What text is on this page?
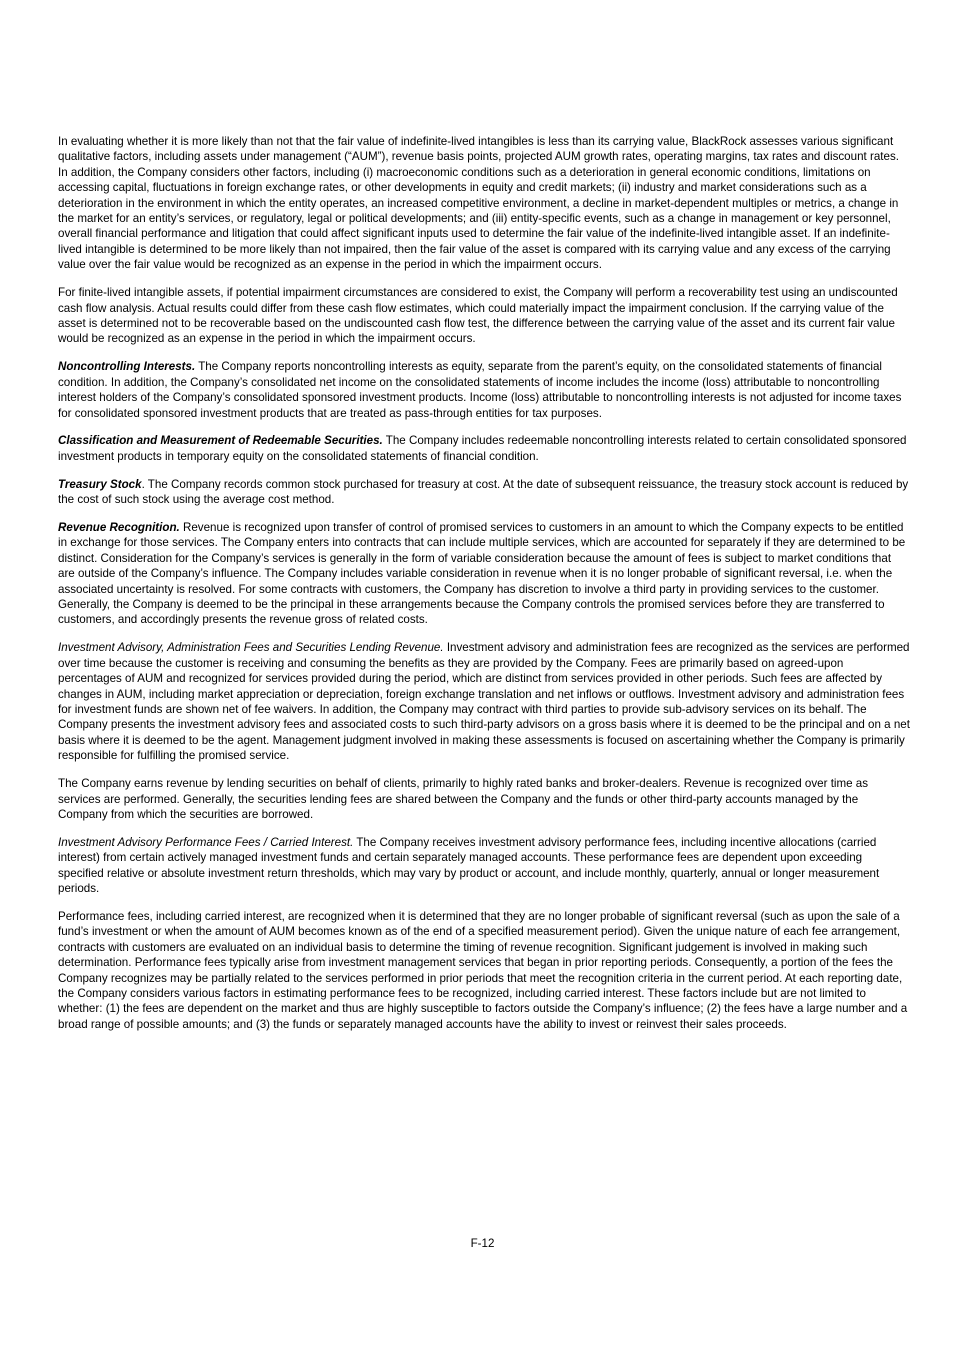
In evaluating whether it is more likely than not that the fair value of indefinite-lived intangibles is less than its carrying value, BlackRock assesses various significant qualitative factors, including assets under management (“AUM”), revenue basis points, projected AUM growth rates, operating margins, tax rates and discount rates. In addition, the Company considers other factors, including (i) macroeconomic conditions such as a deterioration in general economic conditions, limitations on accessing capital, fluctuations in foreign exchange rates, or other developments in equity and credit markets; (ii) industry and market considerations such as a deterioration in the environment in which the entity operates, an increased competitive environment, a decline in market-dependent multiples or metrics, a change in the market for an entity’s services, or regulatory, legal or political developments; and (iii) entity-specific events, such as a change in management or key personnel, overall financial performance and litigation that could affect significant inputs used to determine the fair value of the indefinite-lived intangible asset. If an indefinite-lived intangible is determined to be more likely than not impaired, then the fair value of the asset is compared with its carrying value and any excess of the carrying value over the fair value would be recognized as an expense in the period in which the impairment occurs.

For finite-lived intangible assets, if potential impairment circumstances are considered to exist, the Company will perform a recoverability test using an undiscounted cash flow analysis. Actual results could differ from these cash flow estimates, which could materially impact the impairment conclusion. If the carrying value of the asset is determined not to be recoverable based on the undiscounted cash flow test, the difference between the carrying value of the asset and its current fair value would be recognized as an expense in the period in which the impairment occurs.

Noncontrolling Interests. The Company reports noncontrolling interests as equity, separate from the parent’s equity, on the consolidated statements of financial condition. In addition, the Company’s consolidated net income on the consolidated statements of income includes the income (loss) attributable to noncontrolling interest holders of the Company’s consolidated sponsored investment products. Income (loss) attributable to noncontrolling interests is not adjusted for income taxes for consolidated sponsored investment products that are treated as pass-through entities for tax purposes.

Classification and Measurement of Redeemable Securities. The Company includes redeemable noncontrolling interests related to certain consolidated sponsored investment products in temporary equity on the consolidated statements of financial condition.

Treasury Stock. The Company records common stock purchased for treasury at cost. At the date of subsequent reissuance, the treasury stock account is reduced by the cost of such stock using the average cost method.

Revenue Recognition. Revenue is recognized upon transfer of control of promised services to customers in an amount to which the Company expects to be entitled in exchange for those services. The Company enters into contracts that can include multiple services, which are accounted for separately if they are determined to be distinct. Consideration for the Company’s services is generally in the form of variable consideration because the amount of fees is subject to market conditions that are outside of the Company’s influence. The Company includes variable consideration in revenue when it is no longer probable of significant reversal, i.e. when the associated uncertainty is resolved. For some contracts with customers, the Company has discretion to involve a third party in providing services to the customer. Generally, the Company is deemed to be the principal in these arrangements because the Company controls the promised services before they are transferred to customers, and accordingly presents the revenue gross of related costs.

Investment Advisory, Administration Fees and Securities Lending Revenue. Investment advisory and administration fees are recognized as the services are performed over time because the customer is receiving and consuming the benefits as they are provided by the Company. Fees are primarily based on agreed-upon percentages of AUM and recognized for services provided during the period, which are distinct from services provided in other periods. Such fees are affected by changes in AUM, including market appreciation or depreciation, foreign exchange translation and net inflows or outflows. Investment advisory and administration fees for investment funds are shown net of fee waivers. In addition, the Company may contract with third parties to provide sub-advisory services on its behalf. The Company presents the investment advisory fees and associated costs to such third-party advisors on a gross basis where it is deemed to be the principal and on a net basis where it is deemed to be the agent. Management judgment involved in making these assessments is focused on ascertaining whether the Company is primarily responsible for fulfilling the promised service.

The Company earns revenue by lending securities on behalf of clients, primarily to highly rated banks and broker-dealers. Revenue is recognized over time as services are performed. Generally, the securities lending fees are shared between the Company and the funds or other third-party accounts managed by the Company from which the securities are borrowed.

Investment Advisory Performance Fees / Carried Interest. The Company receives investment advisory performance fees, including incentive allocations (carried interest) from certain actively managed investment funds and certain separately managed accounts. These performance fees are dependent upon exceeding specified relative or absolute investment return thresholds, which may vary by product or account, and include monthly, quarterly, annual or longer measurement periods.

Performance fees, including carried interest, are recognized when it is determined that they are no longer probable of significant reversal (such as upon the sale of a fund’s investment or when the amount of AUM becomes known as of the end of a specified measurement period). Given the unique nature of each fee arrangement, contracts with customers are evaluated on an individual basis to determine the timing of revenue recognition. Significant judgement is involved in making such determination. Performance fees typically arise from investment management services that began in prior reporting periods. Consequently, a portion of the fees the Company recognizes may be partially related to the services performed in prior periods that meet the recognition criteria in the current period. At each reporting date, the Company considers various factors in estimating performance fees to be recognized, including carried interest. These factors include but are not limited to whether: (1) the fees are dependent on the market and thus are highly susceptible to factors outside the Company’s influence; (2) the fees have a large number and a broad range of possible amounts; and (3) the funds or separately managed accounts have the ability to invest or reinvest their sales proceeds.

F-12
